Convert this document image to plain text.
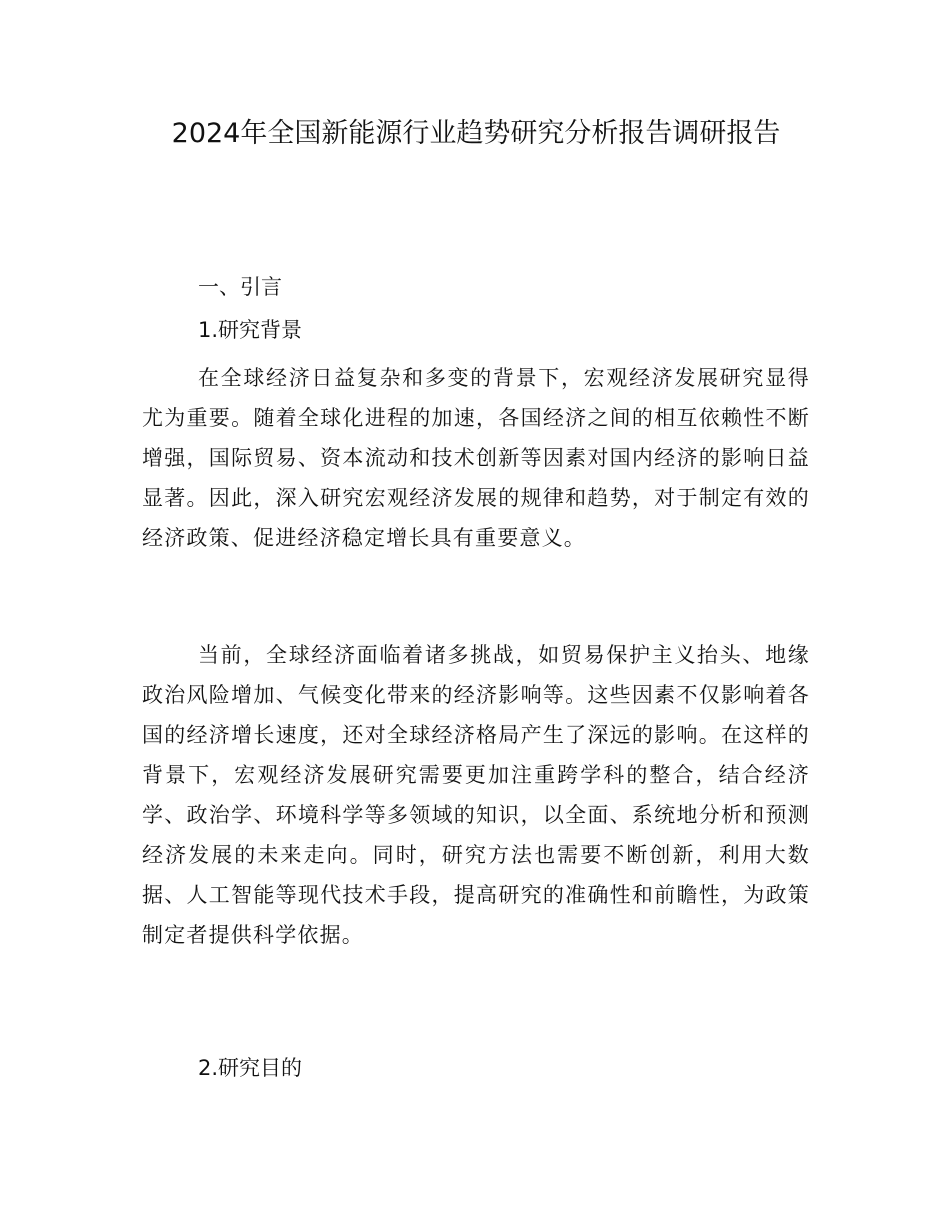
2024年全国新能源行业趋势研究分析报告调研报告

一、引言

1.研究背景

在全球经济日益复杂和多变的背景下，宏观经济发展研究显得尤为重要。随着全球化进程的加速，各国经济之间的相互依赖性不断增强，国际贸易、资本流动和技术创新等因素对国内经济的影响日益显著。因此，深入研究宏观经济发展的规律和趋势，对于制定有效的经济政策、促进经济稳定增长具有重要意义。

当前，全球经济面临着诸多挑战，如贸易保护主义抬头、地缘政治风险增加、气候变化带来的经济影响等。这些因素不仅影响着各国的经济增长速度，还对全球经济格局产生了深远的影响。在这样的背景下，宏观经济发展研究需要更加注重跨学科的整合，结合经济学、政治学、环境科学等多领域的知识，以全面、系统地分析和预测经济发展的未来走向。同时，研究方法也需要不断创新，利用大数据、人工智能等现代技术手段，提高研究的准确性和前瞻性，为政策制定者提供科学依据。

2.研究目的
